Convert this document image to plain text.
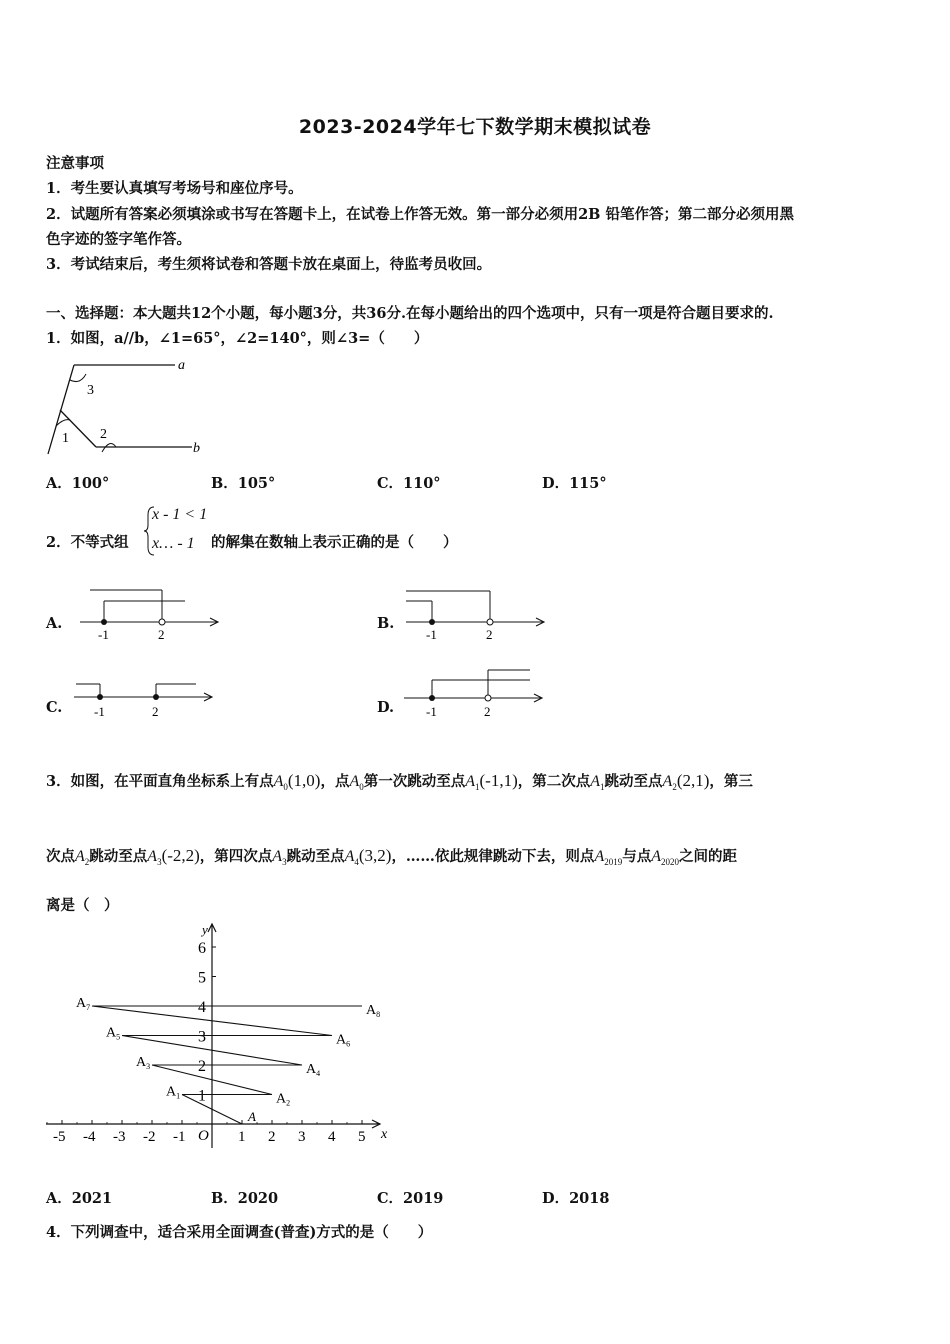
2023-2024学年七下数学期末模拟试卷
注意事项
1．考生要认真填写考场号和座位序号。
2．试题所有答案必须填涂或书写在答题卡上，在试卷上作答无效。第一部分必须用2B 铅笔作答；第二部分必须用黑
色字迹的签字笔作答。
3．考试结束后，考生须将试卷和答题卡放在桌面上，待监考员收回。
一、选择题：本大题共12个小题，每小题3分，共36分.在每小题给出的四个选项中，只有一项是符合题目要求的.
1．如图，a//b，∠1=65°，∠2=140°，则∠3=（　　）
a
b
3
1 2
A．100°	B．105°	C．110°	D．115°
2．不等式组
x - 1 < 1
x… - 1 的解集在数轴上表示正确的是（　　）
A.
-1	2
B.
-1	2
C. -1	2	D. -1	2
3．如图，在平面直角坐标系上有点$A_0(1,0)$，点$A_0$第一次跳动至点$A_1(-1,1)$，第二次点$A_1$跳动至点$A_2(2,1)$，第三
次点$A_2$跳动至点$A_3(-2,2)$，第四次点$A_3$跳动至点$A_4(3,2)$，……依此规律跳动下去，则点$A_{2019}$与点$A_{2020}$之间的距
离是（　）
-5 -4 -3 -2 -1	1 2 3 4 5
1
2
3
4
5
6
O	x
y
A
$A_1$	$A_2$
$A_3$	$A_4$
$A_5$	$A_6$
$A_7$	$A_8$
A．2021	B．2020	C．2019	D．2018
4．下列调查中，适合采用全面调查(普查)方式的是（　　）
